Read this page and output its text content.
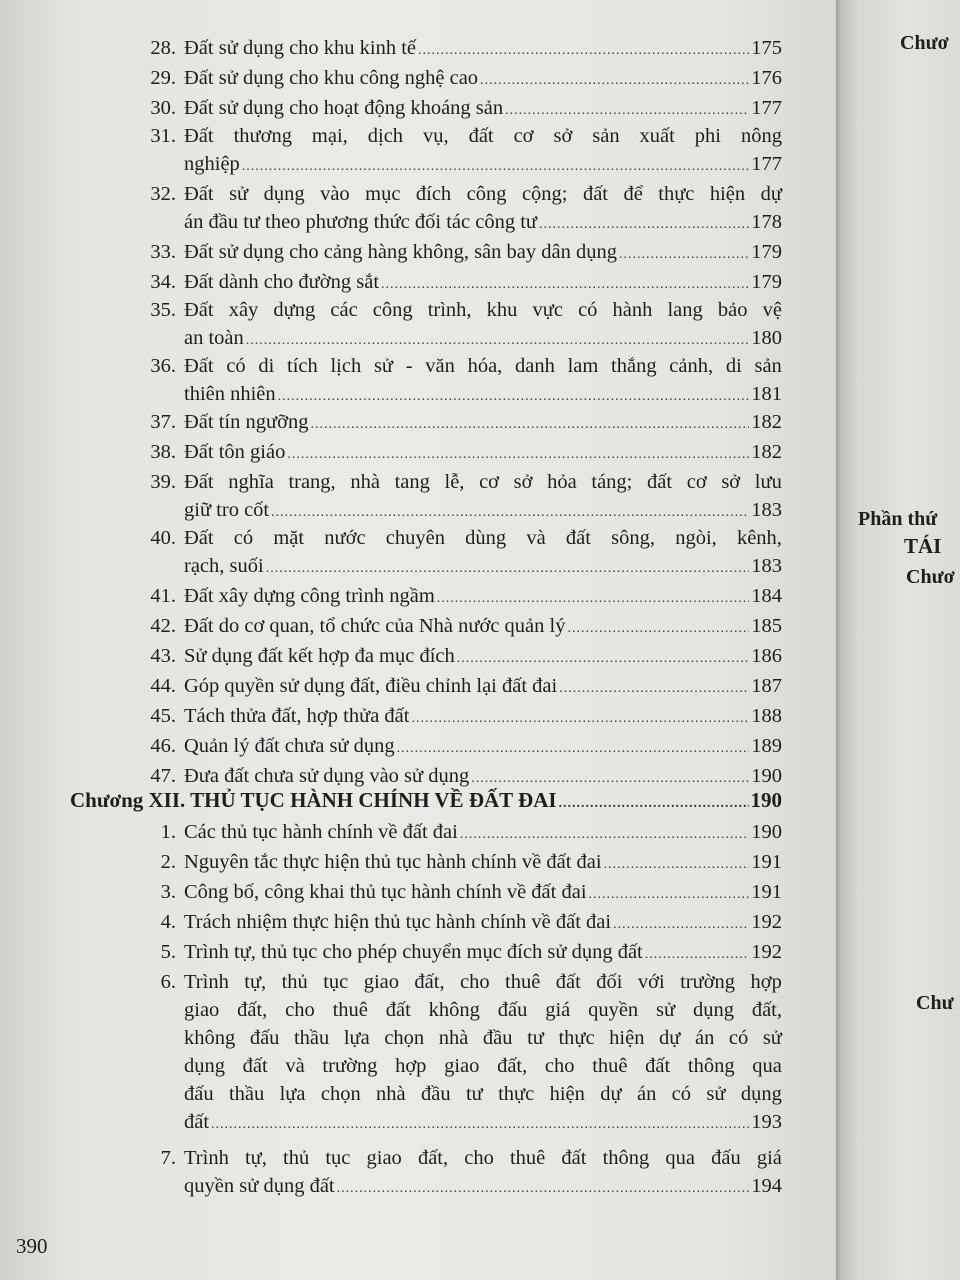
Chươ
Phần thứ
TÁI
Chươ
Chư
Chương XII. THỦ TỤC HÀNH CHÍNH VỀ ĐẤT ĐAI .....	190
28. Đất sử dụng cho khu kinh tế .....	175
29. Đất sử dụng cho khu công nghệ cao .....	176
30. Đất sử dụng cho hoạt động khoáng sản .....	177
31. Đất thương mại, dịch vụ, đất cơ sở sản xuất phi nông
nghiệp .....	177
32. Đất sử dụng vào mục đích công cộng; đất để thực hiện dự
án đầu tư theo phương thức đối tác công tư .....	178
33. Đất sử dụng cho cảng hàng không, sân bay dân dụng .....	179
34. Đất dành cho đường sắt .....	179
35. Đất xây dựng các công trình, khu vực có hành lang bảo vệ
an toàn .....	180
36. Đất có di tích lịch sử - văn hóa, danh lam thắng cảnh, di sản
thiên nhiên .....	181
37. Đất tín ngưỡng .....	182
38. Đất tôn giáo .....	182
39. Đất nghĩa trang, nhà tang lễ, cơ sở hỏa táng; đất cơ sở lưu
giữ tro cốt .....	183
40. Đất có mặt nước chuyên dùng và đất sông, ngòi, kênh,
rạch, suối .....	183
41. Đất xây dựng công trình ngầm .....	184
42. Đất do cơ quan, tổ chức của Nhà nước quản lý .....	185
43. Sử dụng đất kết hợp đa mục đích .....	186
44. Góp quyền sử dụng đất, điều chỉnh lại đất đai .....	187
45. Tách thửa đất, hợp thửa đất .....	188
46. Quản lý đất chưa sử dụng .....	189
47. Đưa đất chưa sử dụng vào sử dụng .....	190
1. Các thủ tục hành chính về đất đai .....	190
2. Nguyên tắc thực hiện thủ tục hành chính về đất đai .....	191
3. Công bố, công khai thủ tục hành chính về đất đai .....	191
4. Trách nhiệm thực hiện thủ tục hành chính về đất đai .....	192
5. Trình tự, thủ tục cho phép chuyển mục đích sử dụng đất .....	192
6. Trình tự, thủ tục giao đất, cho thuê đất đối với trường hợp
giao đất, cho thuê đất không đấu giá quyền sử dụng đất,
không đấu thầu lựa chọn nhà đầu tư thực hiện dự án có sử
dụng đất và trường hợp giao đất, cho thuê đất thông qua
đấu thầu lựa chọn nhà đầu tư thực hiện dự án có sử dụng
đất .....	193
7. Trình tự, thủ tục giao đất, cho thuê đất thông qua đấu giá
quyền sử dụng đất .....	194
390
